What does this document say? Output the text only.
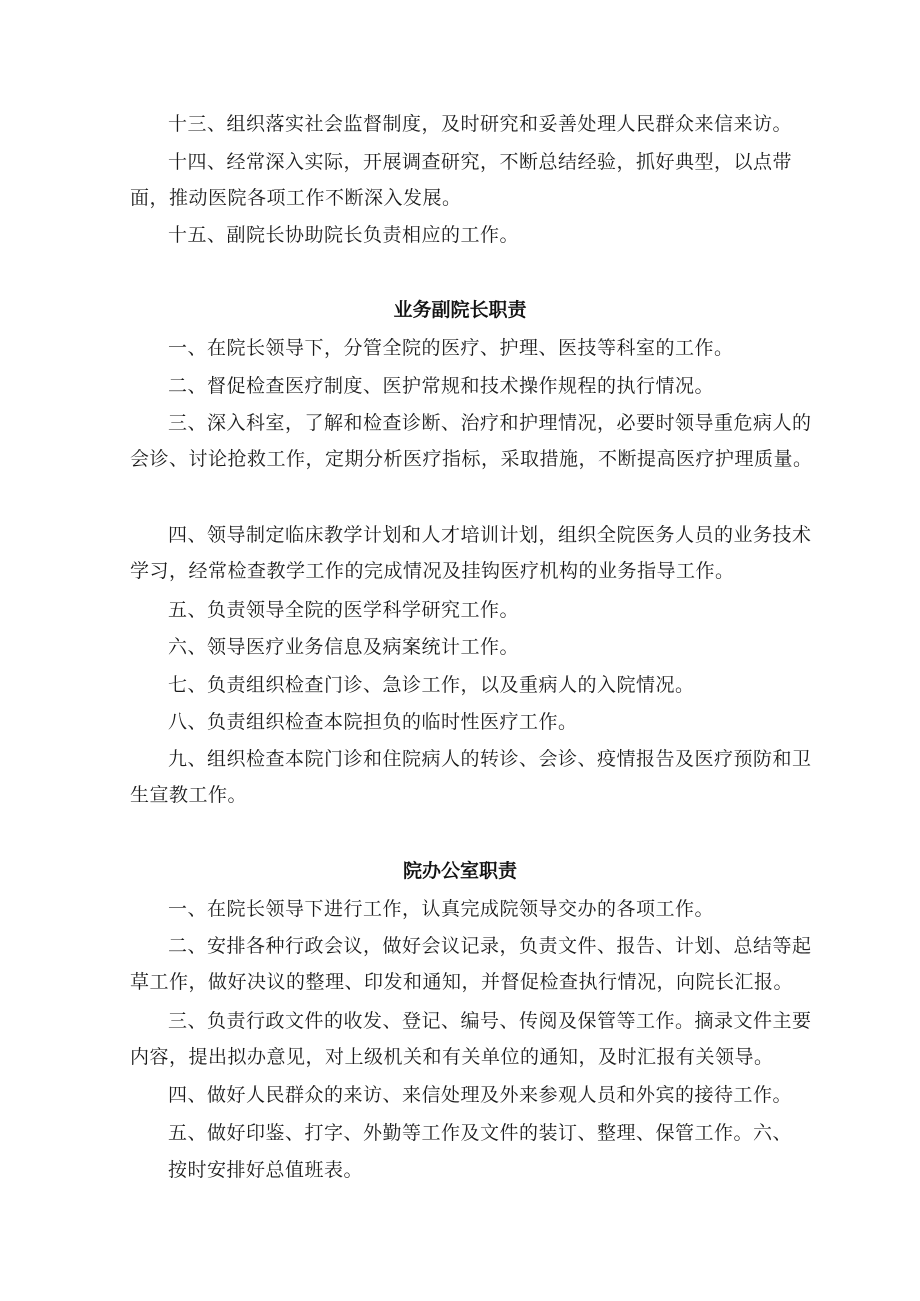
十三、组织落实社会监督制度，及时研究和妥善处理人民群众来信来访。

十四、经常深入实际，开展调查研究，不断总结经验，抓好典型，以点带面，推动医院各项工作不断深入发展。

十五、副院长协助院长负责相应的工作。

业务副院长职责

一、在院长领导下，分管全院的医疗、护理、医技等科室的工作。

二、督促检查医疗制度、医护常规和技术操作规程的执行情况。

三、深入科室，了解和检查诊断、治疗和护理情况，必要时领导重危病人的会诊、讨论抢救工作，定期分析医疗指标，采取措施，不断提高医疗护理质量。

四、领导制定临床教学计划和人才培训计划，组织全院医务人员的业务技术学习，经常检查教学工作的完成情况及挂钩医疗机构的业务指导工作。

五、负责领导全院的医学科学研究工作。

六、领导医疗业务信息及病案统计工作。

七、负责组织检查门诊、急诊工作，以及重病人的入院情况。

八、负责组织检查本院担负的临时性医疗工作。

九、组织检查本院门诊和住院病人的转诊、会诊、疫情报告及医疗预防和卫生宣教工作。

院办公室职责

一、在院长领导下进行工作，认真完成院领导交办的各项工作。

二、安排各种行政会议，做好会议记录，负责文件、报告、计划、总结等起草工作，做好决议的整理、印发和通知，并督促检查执行情况，向院长汇报。

三、负责行政文件的收发、登记、编号、传阅及保管等工作。摘录文件主要内容，提出拟办意见，对上级机关和有关单位的通知，及时汇报有关领导。

四、做好人民群众的来访、来信处理及外来参观人员和外宾的接待工作。

五、做好印鉴、打字、外勤等工作及文件的装订、整理、保管工作。六、

按时安排好总值班表。
